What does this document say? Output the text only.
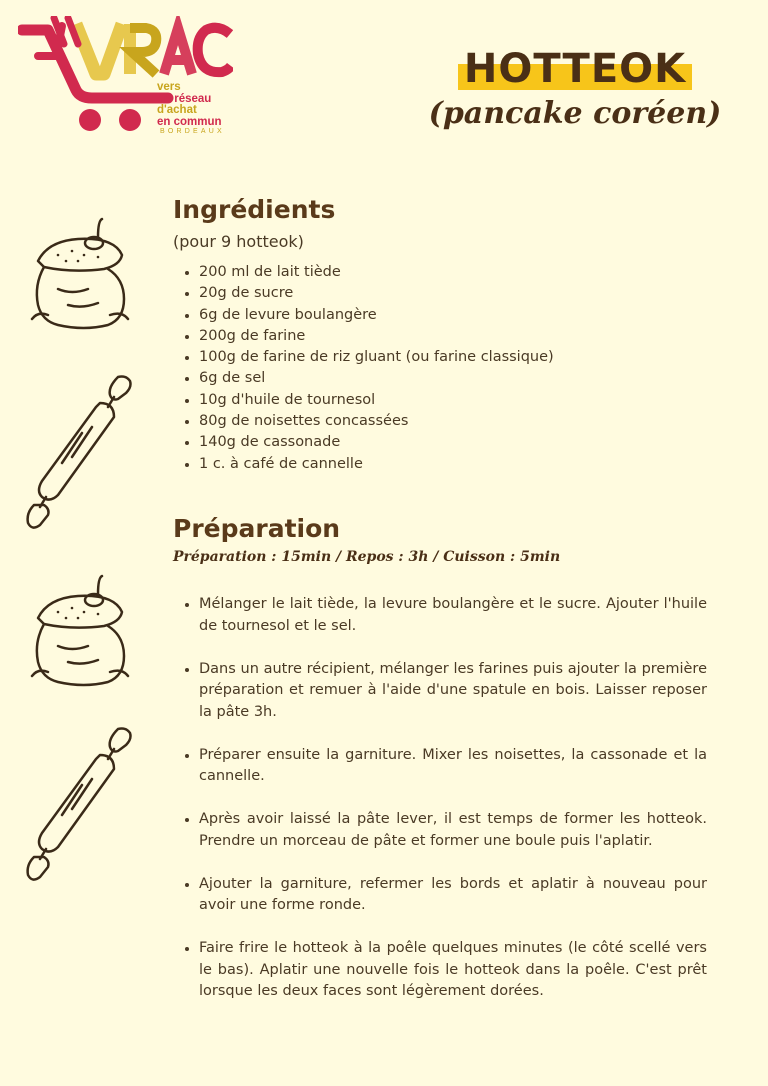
vers
un réseau
d'achat
en commun
BORDEAUX
HOTTEOK
(pancake coréen)
Ingrédients
(pour 9 hotteok)
• 200 ml de lait tiède
• 20g de sucre
• 6g de levure boulangère
• 200g de farine
• 100g de farine de riz gluant (ou farine classique)
• 6g de sel
• 10g d'huile de tournesol
• 80g de noisettes concassées
• 140g de cassonade
• 1 c. à café de cannelle
Préparation
Préparation : 15min / Repos : 3h / Cuisson : 5min
• Mélanger le lait tiède, la levure boulangère et le sucre. Ajouter l'huile de tournesol et le sel.
• Dans un autre récipient, mélanger les farines puis ajouter la première préparation et remuer à l'aide d'une spatule en bois. Laisser reposer la pâte 3h.
• Préparer ensuite la garniture. Mixer les noisettes, la cassonade et la cannelle.
• Après avoir laissé la pâte lever, il est temps de former les hotteok. Prendre un morceau de pâte et former une boule puis l'aplatir.
• Ajouter la garniture, refermer les bords et aplatir à nouveau pour avoir une forme ronde.
• Faire frire le hotteok à la poêle quelques minutes (le côté scellé vers le bas). Aplatir une nouvelle fois le hotteok dans la poêle. C'est prêt lorsque les deux faces sont légèrement dorées.
